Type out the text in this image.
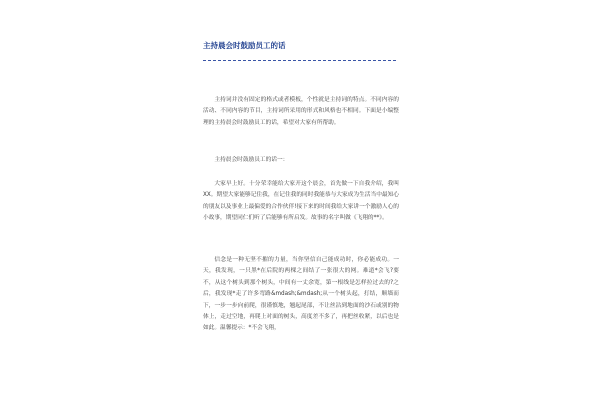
主持晨会时鼓励员工的话

主持词并没有固定的格式或者模板，个性就是主持词的特点。不同内容的活动、不同内容的节目，主持词所采用的形式和风格也不相同。下面是小编整理的主持晨会时鼓励员工的话，希望对大家有所帮助。

主持晨会时鼓励员工的话一：

大家早上好。十分荣幸能给大家开这个晨会，首先做一下自我介绍，我叫XX。期望大家能够记住我，在记住我的同时我能恭与大家成为生活当中最知心的朋友以及事业上最偏爱的合作伙伴!接下来的时间我给大家讲一个激励人心的小故事，期望同仁们听了后能够有所启发。故事的名字叫做《飞翔的**》。

信念是一种无坚不摧的力量，当你坚信自己能成功时，你必能成功。一天，我发现，一只黑*在后院的两棵之间结了一张很大的网。难道*会飞?要不，从这个树头到那个树头，中间有一丈余宽，第一根线是怎样拉过去的?之后，我发现*走了许多弯路&mdash;&mdash;从一个树头起，打结，顺墙而下，一步一步向前爬，很谨慎地，翘起尾部，不让丝沾到地面的沙石或别的物体上，走过空地，再爬上对面的树头，高度差不多了，再把丝收紧，以后也是如此。温馨提示：*不会飞翔，
